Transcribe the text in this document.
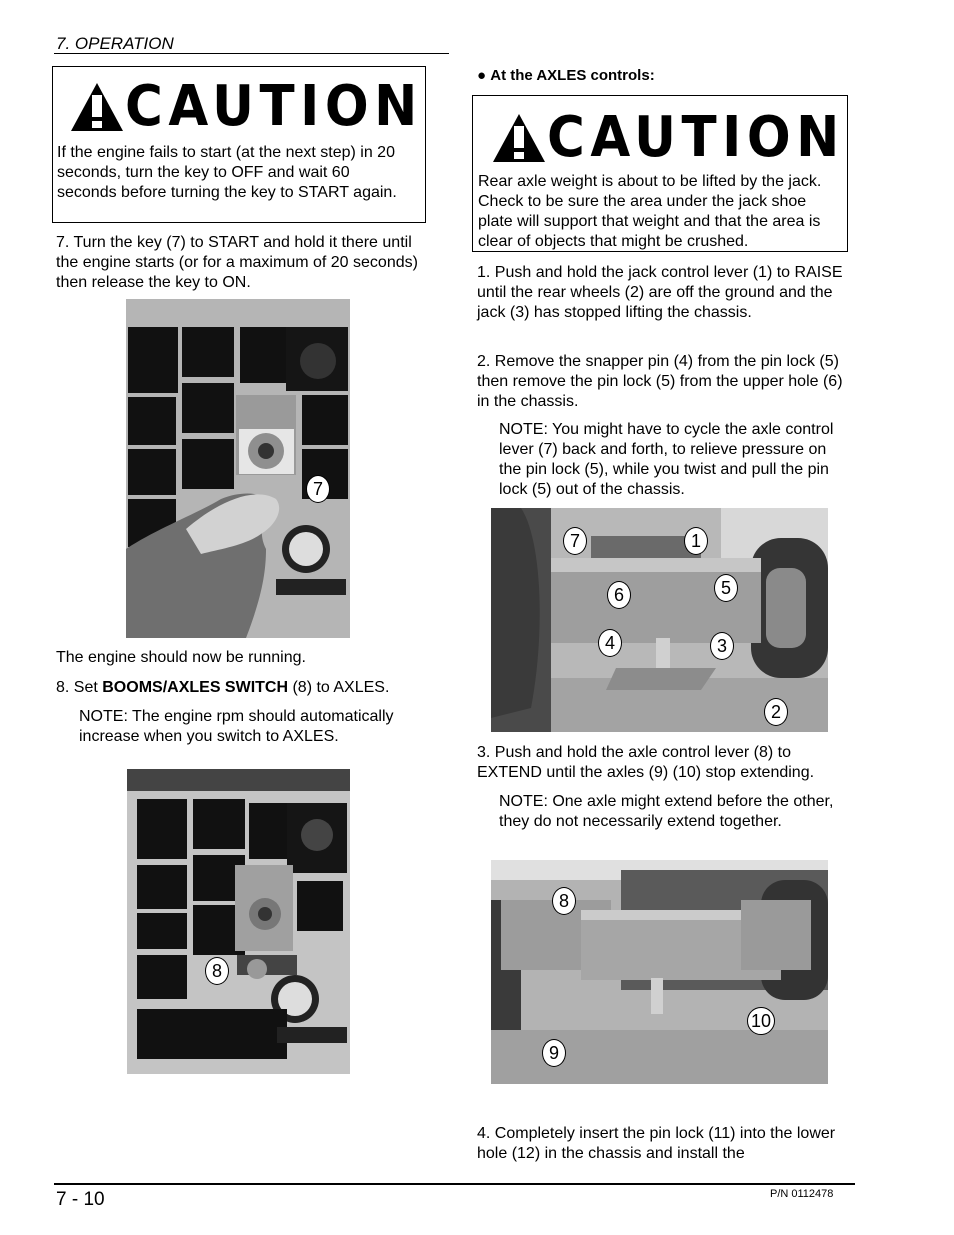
7. OPERATION
CAUTION
If the engine fails to start (at the next step) in 20 seconds, turn the key to OFF and wait 60 seconds before turning the key to START again.
7. Turn the key (7) to START and hold it there until the engine starts (or for a maximum of 20 seconds) then release the key to ON.
7
The engine should now be running.
8. Set BOOMS/AXLES SWITCH (8) to AXLES.
NOTE: The engine rpm should automatically increase when you switch to AXLES.
8
● At the AXLES controls:
CAUTION
Rear axle weight is about to be lifted by the jack. Check to be sure the area under the jack shoe plate will support that weight and that the area is clear of objects that might be crushed.
1. Push and hold the jack control lever (1) to RAISE until the rear wheels (2) are off the ground and the jack (3) has stopped lifting the chassis.
2. Remove the snapper pin (4) from the pin lock (5) then remove the pin lock (5) from the upper hole (6) in the chassis.
NOTE: You might have to cycle the axle control lever (7) back and forth, to relieve pressure on the pin lock (5), while you twist and pull the pin lock (5) out of the chassis.
7	1
6	5
4	3
2
3. Push and hold the axle control lever (8) to EXTEND until the axles (9) (10) stop extending.
NOTE: One axle might extend before the other, they do not necessarily extend together.
8
10
9
4. Completely insert the pin lock (11) into the lower hole (12) in the chassis and install the
7 - 10	P/N 0112478
